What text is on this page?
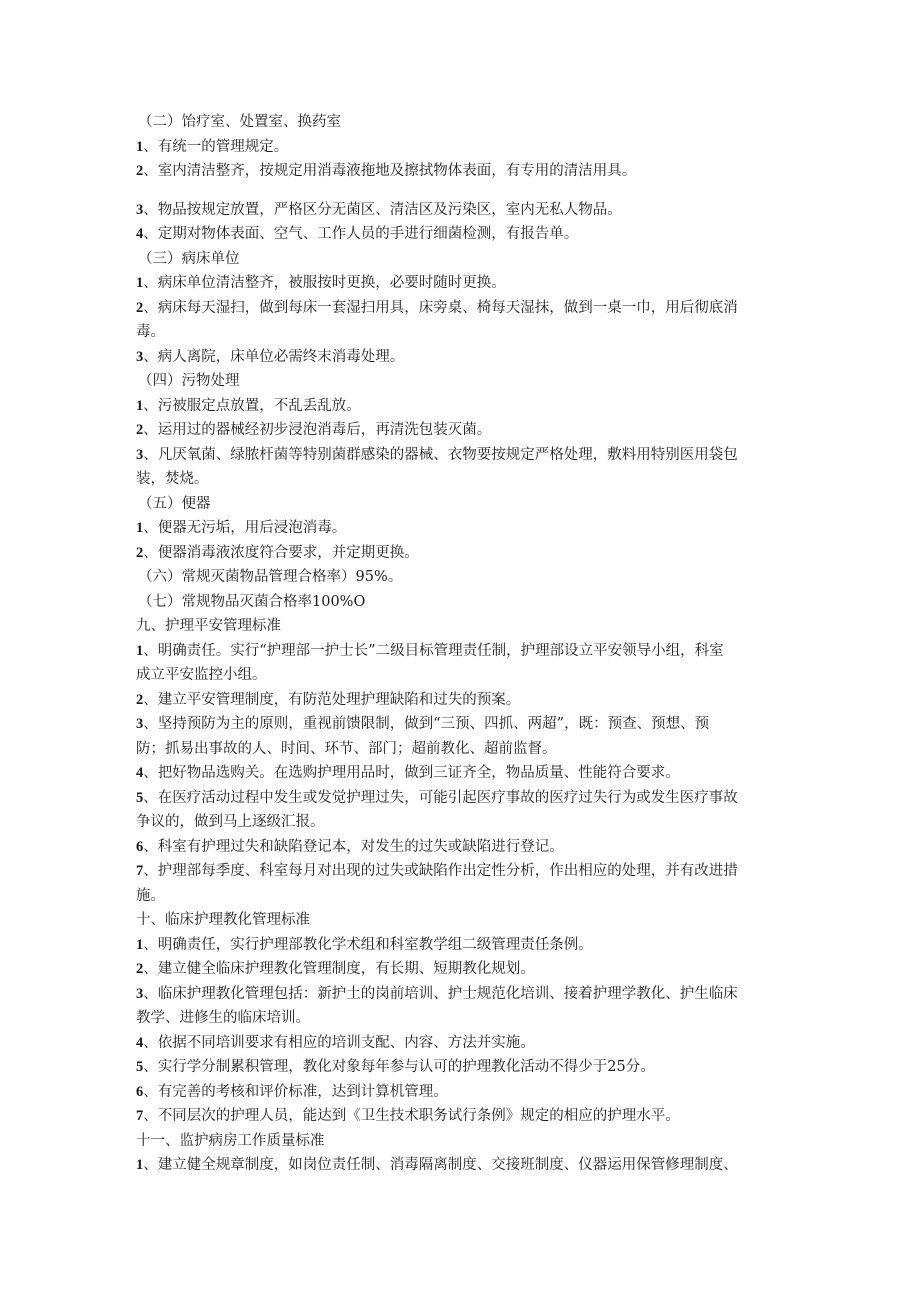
（二）饴疗室、处置室、换药室
1、有统一的管理规定。
2、室内清洁整齐，按规定用消毒液拖地及擦拭物体表面，有专用的清洁用具。
3、物品按规定放置，严格区分无菌区、清洁区及污染区，室内无私人物品。
4、定期对物体表面、空气、工作人员的手进行细菌检测，有报告单。
（三）病床单位
1、病床单位清洁整齐，被服按时更换，必要时随时更换。
2、病床每天湿扫，做到每床一套湿扫用具，床旁桌、椅每天湿抹，做到一桌一巾，用后彻底消
毒。
3、病人离院，床单位必需终末消毒处理。
（四）污物处理
1、污被服定点放置，不乱丢乱放。
2、运用过的器械经初步浸泡消毒后，再清洗包装灭菌。
3、凡厌氧菌、绿脓杆菌等特别菌群感染的器械、衣物要按规定严格处理，敷料用特别医用袋包
装，焚烧。
（五）便器
1、便器无污垢，用后浸泡消毒。
2、便器消毒液浓度符合要求，并定期更换。
（六）常规灭菌物品管理合格率）95%。
（七）常规物品灭菌合格率100%O
九、护理平安管理标准
1、明确责任。实行“护理部一护士长”二级目标管理责任制，护理部设立平安领导小组，科室
成立平安监控小组。
2、建立平安管理制度，有防范处理护理缺陷和过失的预案。
3、坚持预防为主的原则，重视前馈限制，做到“三预、四抓、两超”，既：预查、预想、预
防；抓易出事故的人、时间、环节、部门；超前教化、超前监督。
4、把好物品选购关。在选购护理用品时，做到三证齐全，物品质量、性能符合要求。
5、在医疗活动过程中发生或发觉护理过失，可能引起医疗事故的医疗过失行为或发生医疗事故
争议的，做到马上逐级汇报。
6、科室有护理过失和缺陷登记本，对发生的过失或缺陷进行登记。
7、护理部每季度、科室每月对出现的过失或缺陷作出定性分析，作出相应的处理，并有改进措
施。
十、临床护理教化管理标准
1、明确责任，实行护理部教化学术组和科室教学组二级管理责任条例。
2、建立健全临床护理教化管理制度，有长期、短期教化规划。
3、临床护理教化管理包括：新护土的岗前培训、护士规范化培训、接着护理学教化、护生临床
教学、进修生的临床培训。
4、依据不同培训要求有相应的培训支配、内容、方法并实施。
5、实行学分制累积管理，教化对象每年参与认可的护理教化活动不得少于25分。
6、有完善的考核和评价标准，达到计算机管理。
7、不同层次的护理人员，能达到《卫生技术职务试行条例》规定的相应的护理水平。
十一、监护病房工作质量标准
1、建立健全规章制度，如岗位责任制、消毒隔离制度、交接班制度、仪器运用保管修理制度、
